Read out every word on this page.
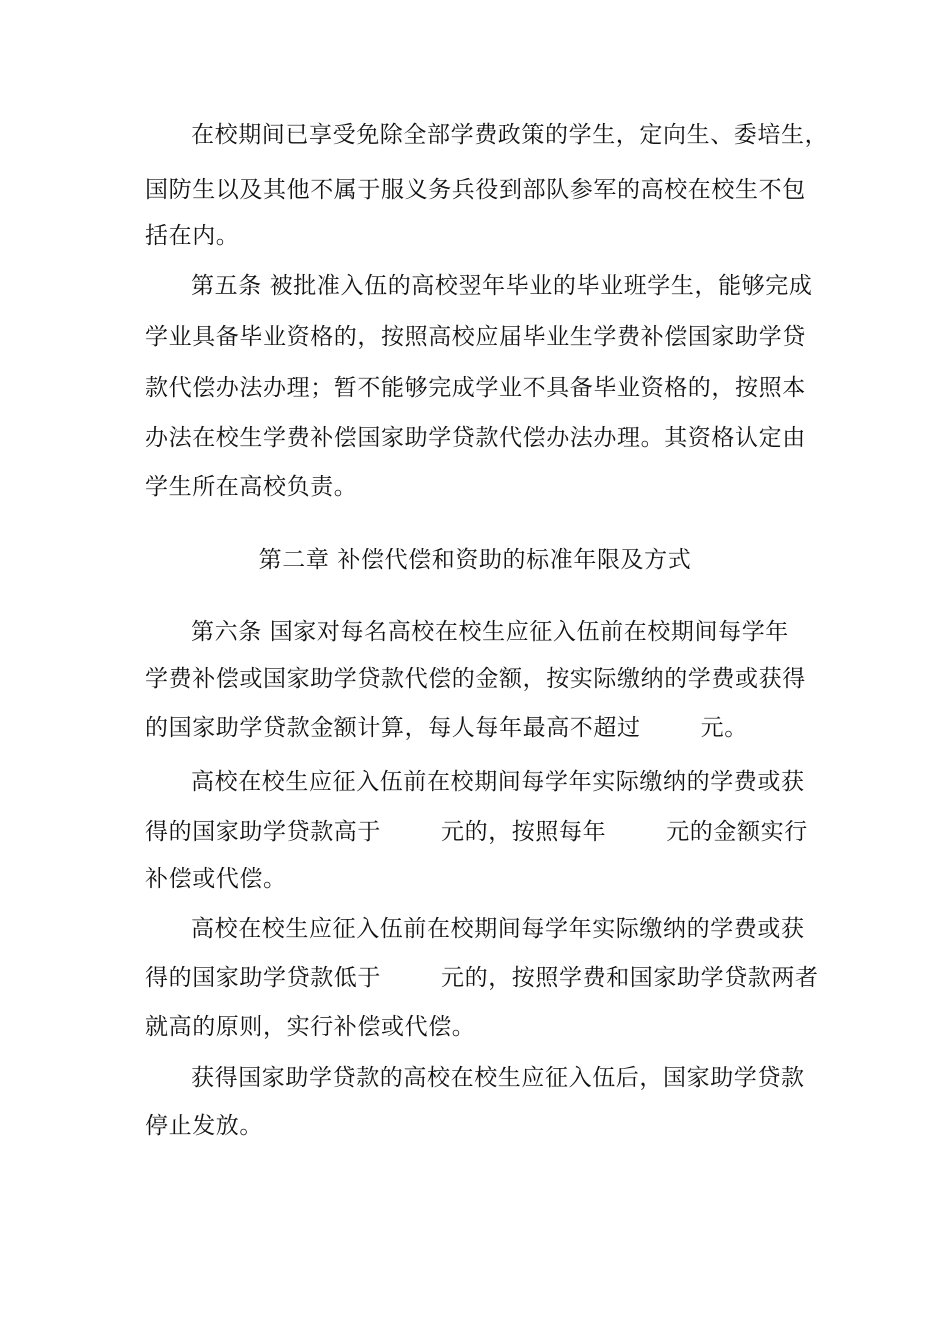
在校期间已享受免除全部学费政策的学生，定向生、委培生，
国防生以及其他不属于服义务兵役到部队参军的高校在校生不包
括在内。
第五条 被批准入伍的高校翌年毕业的毕业班学生，能够完成
学业具备毕业资格的，按照高校应届毕业生学费补偿国家助学贷
款代偿办法办理；暂不能够完成学业不具备毕业资格的，按照本
办法在校生学费补偿国家助学贷款代偿办法办理。其资格认定由
学生所在高校负责。
第二章 补偿代偿和资助的标准年限及方式
第六条 国家对每名高校在校生应征入伍前在校期间每学年
学费补偿或国家助学贷款代偿的金额，按实际缴纳的学费或获得
的国家助学贷款金额计算，每人每年最高不超过	元。
高校在校生应征入伍前在校期间每学年实际缴纳的学费或获
得的国家助学贷款高于	元的，按照每年	元的金额实行
补偿或代偿。
高校在校生应征入伍前在校期间每学年实际缴纳的学费或获
得的国家助学贷款低于	元的，按照学费和国家助学贷款两者
就高的原则，实行补偿或代偿。
获得国家助学贷款的高校在校生应征入伍后，国家助学贷款
停止发放。
